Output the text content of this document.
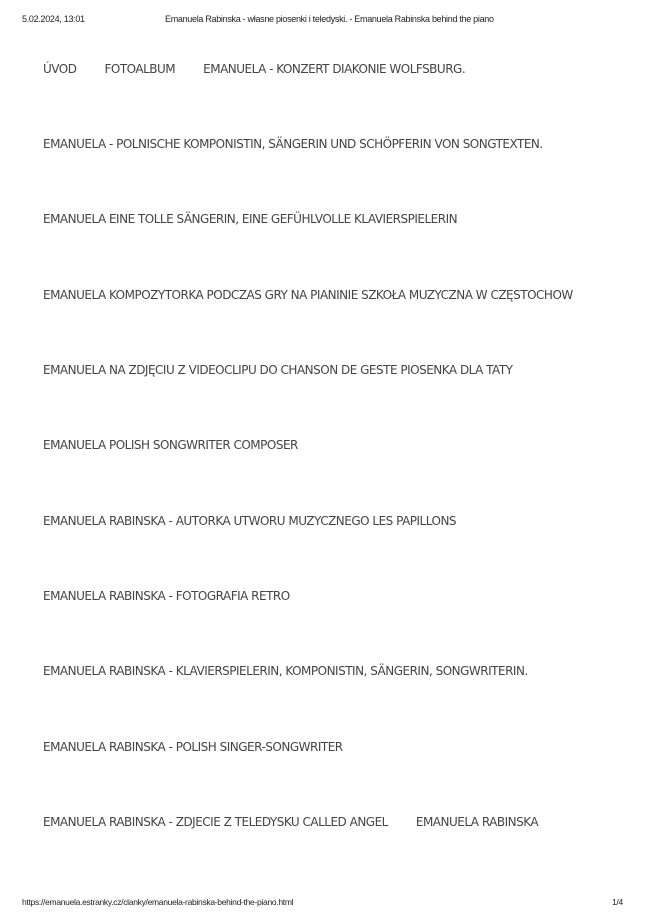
5.02.2024, 13:01	Emanuela Rabinska - własne piosenki i teledyski. - Emanuela Rabinska behind the piano
ÚVOD FOTOALBUM EMANUELA - KONZERT DIAKONIE WOLFSBURG.
EMANUELA - POLNISCHE KOMPONISTIN, SÄNGERIN UND SCHÖPFERIN VON SONGTEXTEN.
EMANUELA EINE TOLLE SÄNGERIN, EINE GEFÜHLVOLLE KLAVIERSPIELERIN
EMANUELA KOMPOZYTORKA PODCZAS GRY NA PIANINIE SZKOŁA MUZYCZNA W CZĘSTOCHOW
EMANUELA NA ZDJĘCIU Z VIDEOCLIPU DO CHANSON DE GESTE PIOSENKA DLA TATY
EMANUELA POLISH SONGWRITER COMPOSER
EMANUELA RABINSKA - AUTORKA UTWORU MUZYCZNEGO LES PAPILLONS
EMANUELA RABINSKA - FOTOGRAFIA RETRO
EMANUELA RABINSKA - KLAVIERSPIELERIN, KOMPONISTIN, SÄNGERIN, SONGWRITERIN.
EMANUELA RABINSKA - POLISH SINGER-SONGWRITER
EMANUELA RABINSKA - ZDJECIE Z TELEDYSKU CALLED ANGEL EMANUELA RABINSKA
https://emanuela.estranky.cz/clanky/emanuela-rabinska-behind-the-piano.html	1/4
